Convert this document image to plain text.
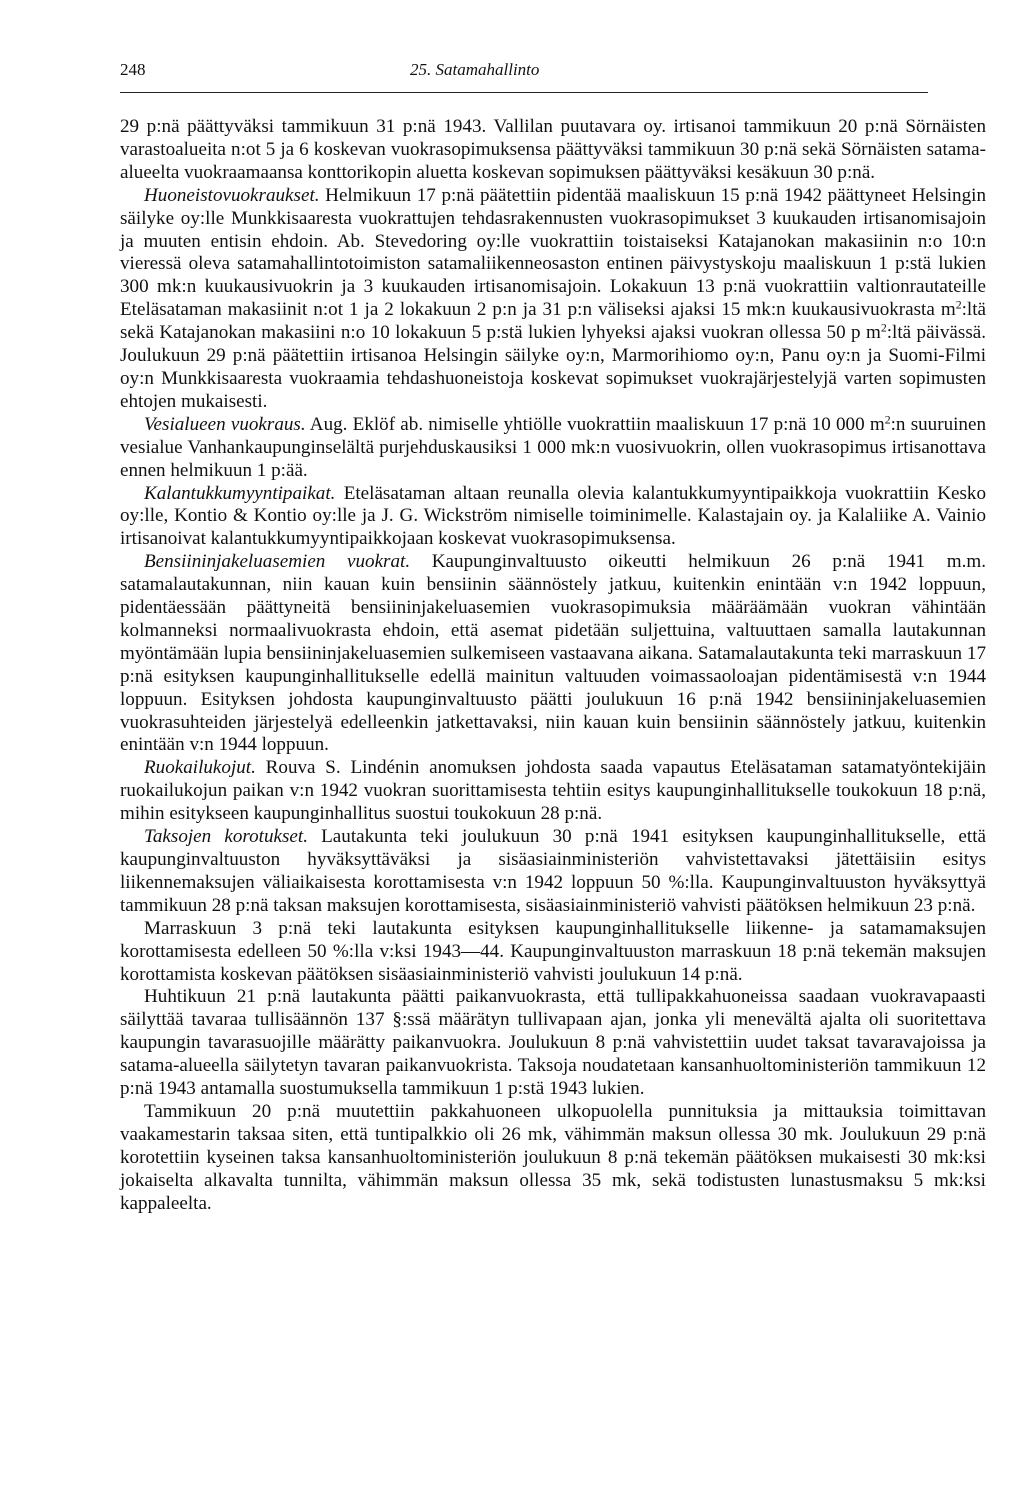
248	25. Satamahallinto

29 p:nä päättyväksi tammikuun 31 p:nä 1943. Vallilan puutavara oy. irtisanoi tammikuun 20 p:nä Sörnäisten varastoalueita n:ot 5 ja 6 koskevan vuokrasopimuksensa päättyväksi tammikuun 30 p:nä sekä Sörnäisten satama-alueelta vuokraamaansa konttorikopin aluetta koskevan sopimuksen päättyväksi kesäkuun 30 p:nä.

Huoneistovuokraukset. Helmikuun 17 p:nä päätettiin pidentää maaliskuun 15 p:nä 1942 päättyneet Helsingin säilyke oy:lle Munkkisaaresta vuokrattujen tehdasrakennusten vuokrasopimukset 3 kuukauden irtisanomisajoin ja muuten entisin ehdoin. Ab. Stevedoring oy:lle vuokrattiin toistaiseksi Katajanokan makasiinin n:o 10:n vieressä oleva satamahallintotoimiston satamaliikenneosaston entinen päivystyskoju maaliskuun 1 p:stä lukien 300 mk:n kuukausivuokrin ja 3 kuukauden irtisanomisajoin. Lokakuun 13 p:nä vuokrattiin valtionrautateille Eteläsataman makasiinit n:ot 1 ja 2 lokakuun 2 p:n ja 31 p:n väliseksi ajaksi 15 mk:n kuukausivuokrasta $m^2:ltä$ sekä Katajanokan makasiini n:o 10 lokakuun 5 p:stä lukien lyhyeksi ajaksi vuokran ollessa 50 p $m^2:ltä$ päivässä. Joulukuun 29 p:nä päätettiin irtisanoa Helsingin säilyke oy:n, Marmorihiomo oy:n, Panu oy:n ja Suomi-Filmi oy:n Munkkisaaresta vuokraamia tehdashuoneistoja koskevat sopimukset vuokrajärjestelyjä varten sopimusten ehtojen mukaisesti.

Vesialueen vuokraus. Aug. Eklöf ab. nimiselle yhtiölle vuokrattiin maaliskuun 17 p:nä 10 000 $m^2:n$ suuruinen vesialue Vanhankaupunginselältä purjehduskausiksi 1 000 mk:n vuosivuokrin, ollen vuokrasopimus irtisanottava ennen helmikuun 1 p:ää.

Kalantukkumyyntipaikat. Eteläsataman altaan reunalla olevia kalantukkumyyntipaikkoja vuokrattiin Kesko oy:lle, Kontio & Kontio oy:lle ja J. G. Wickström nimiselle toiminimelle. Kalastajain oy. ja Kalaliike A. Vainio irtisanoivat kalantukkumyyntipaikkojaan koskevat vuokrasopimuksensa.

Bensiininjakeluasemien vuokrat. Kaupunginvaltuusto oikeutti helmikuun 26 p:nä 1941 m.m. satamalautakunnan, niin kauan kuin bensiinin säännöstely jatkuu, kuitenkin enintään v:n 1942 loppuun, pidentäessään päättyneitä bensiininjakeluasemien vuokrasopimuksia määräämään vuokran vähintään kolmanneksi normaalivuokrasta ehdoin, että asemat pidetään suljettuina, valtuuttaen samalla lautakunnan myöntämään lupia bensiininjakeluasemien sulkemiseen vastaavana aikana. Satamalautakunta teki marraskuun 17 p:nä esityksen kaupunginhallitukselle edellä mainitun valtuuden voimassaoloajan pidentämisestä v:n 1944 loppuun. Esityksen johdosta kaupunginvaltuusto päätti joulukuun 16 p:nä 1942 bensiininjakeluasemien vuokrasuhteiden järjestelyä edelleenkin jatkettavaksi, niin kauan kuin bensiinin säännöstely jatkuu, kuitenkin enintään v:n 1944 loppuun.

Ruokailukojut. Rouva S. Lindénin anomuksen johdosta saada vapautus Eteläsataman satamatyöntekijäin ruokailukojun paikan v:n 1942 vuokran suorittamisesta tehtiin esitys kaupunginhallitukselle toukokuun 18 p:nä, mihin esitykseen kaupunginhallitus suostui toukokuun 28 p:nä.

Taksojen korotukset. Lautakunta teki joulukuun 30 p:nä 1941 esityksen kaupunginhallitukselle, että kaupunginvaltuuston hyväksyttäväksi ja sisäasiainministeriön vahvistettavaksi jätettäisiin esitys liikennemaksujen väliaikaisesta korottamisesta v:n 1942 loppuun 50 %:lla. Kaupunginvaltuuston hyväksyttyä tammikuun 28 p:nä taksan maksujen korottamisesta, sisäasiainministeriö vahvisti päätöksen helmikuun 23 p:nä.

Marraskuun 3 p:nä teki lautakunta esityksen kaupunginhallitukselle liikenne- ja satamamaksujen korottamisesta edelleen 50 %:lla v:ksi 1943—44. Kaupunginvaltuuston marraskuun 18 p:nä tekemän maksujen korottamista koskevan päätöksen sisäasiainministeriö vahvisti joulukuun 14 p:nä.

Huhtikuun 21 p:nä lautakunta päätti paikanvuokrasta, että tullipakkahuoneissa saadaan vuokravapaasti säilyttää tavaraa tullisäännön 137 §:ssä määrätyn tullivapaan ajan, jonka yli menevältä ajalta oli suoritettava kaupungin tavarasuojille määrätty paikanvuokra. Joulukuun 8 p:nä vahvistettiin uudet taksat tavaravajoissa ja satama-alueella säilytetyn tavaran paikanvuokrista. Taksoja noudatetaan kansanhuoltoministeriön tammikuun 12 p:nä 1943 antamalla suostumuksella tammikuun 1 p:stä 1943 lukien.

Tammikuun 20 p:nä muutettiin pakkahuoneen ulkopuolella punnituksia ja mittauksia toimittavan vaakamestarin taksaa siten, että tuntipalkkio oli 26 mk, vähimmän maksun ollessa 30 mk. Joulukuun 29 p:nä korotettiin kyseinen taksa kansanhuoltoministeriön joulukuun 8 p:nä tekemän päätöksen mukaisesti 30 mk:ksi jokaiselta alkavalta tunnilta, vähimmän maksun ollessa 35 mk, sekä todistusten lunastusmaksu 5 mk:ksi kappaleelta.
